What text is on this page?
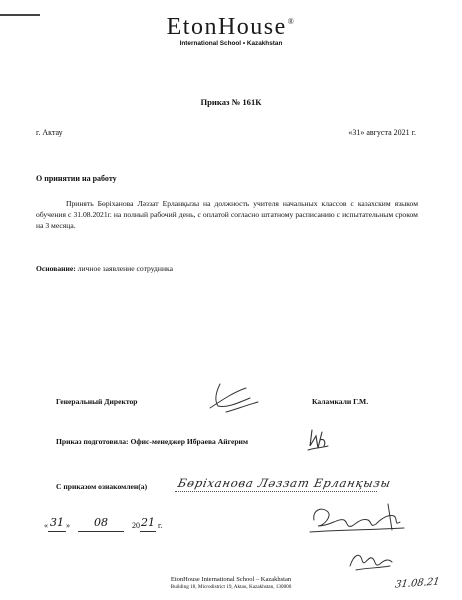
EtonHouse®
International School • Kazakhstan
Приказ № 161К
г. Актау	«31» августа 2021 г.
О принятии на работу
Принять Бөріханова Ләззат Ерланқызы на должность учителя начальных классов с казахским языком обучения с 31.08.2021г. на полный рабочий день, с оплатой согласно штатному расписанию с испытательным сроком на 3 месяца.
Основание: личное заявление сотрудника
Генеральный Директор	Каламкали Г.М.
Приказ подготовила: Офис-менеджер Ибраева Айгерим
С приказом ознакомлен(а)	Бөріханова Ләззат Ерланқызы
« 31 » 08	2021 г.
EtonHouse International School – Kazakhstan
Building 18, Microdistrict 19, Aktau, Kazakhstan, 130000	31.08.21
